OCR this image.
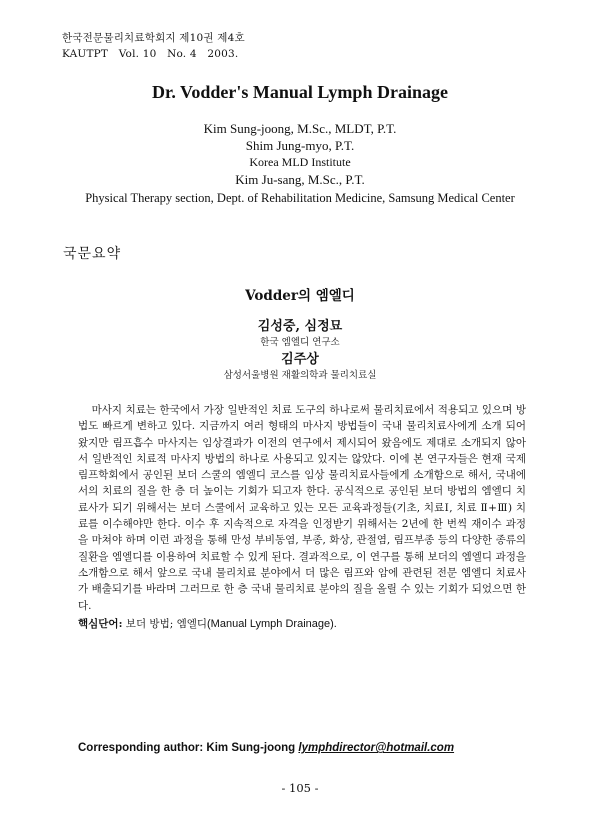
한국전문물리치료학회지 제10권 제4호
KAUTPT   Vol. 10   No. 4   2003.
Dr. Vodder's Manual Lymph Drainage
Kim Sung-joong, M.Sc., MLDT, P.T.
Shim Jung-myo, P.T.
Korea MLD Institute
Kim Ju-sang, M.Sc., P.T.
Physical Therapy section, Dept. of Rehabilitation Medicine, Samsung Medical Center
국문요약
Vodder의 엠엘디
김성중, 심정묘
한국 엠엘디 연구소
김주상
삼성서울병원 재활의학과 물리치료실

마사지 치료는 한국에서 가장 일반적인 치료 도구의 하나로써 물리치료에서 적용되고 있으며 방법도 빠르게 변하고 있다. 지금까지 여러 형태의 마사지 방법들이 국내 물리치료사에게 소개 되어왔지만 림프흡수 마사지는 임상결과가 이전의 연구에서 제시되어 왔음에도 제대로 소개되지 않아서 일반적인 치료적 마사지 방법의 하나로 사용되고 있지는 않았다. 이에 본 연구자들은 현재 국제 림프학회에서 공인된 보더 스쿨의 엠엘디 코스를 임상 물리치료사들에게 소개함으로 해서, 국내에서의 치료의 질을 한 층 더 높이는 기회가 되고자 한다. 공식적으로 공인된 보더 방법의 엠엘디 치료사가 되기 위해서는 보더 스쿨에서 교육하고 있는 모든 교육과정들(기초, 치료Ⅰ, 치료 Ⅱ+Ⅲ) 치료를 이수해야만 한다. 이수 후 지속적으로 자격을 인정받기 위해서는 2년에 한 번씩 재이수 과정을 마쳐야 하며 이런 과정을 통해 만성 부비동염, 부종, 화상, 관절염, 림프부종 등의 다양한 종류의 질환을 엠엘디를 이용하여 치료할 수 있게 된다. 결과적으로, 이 연구를 통해 보더의 엠엘디 과정을 소개함으로 해서 앞으로 국내 물리치료 분야에서 더 많은 림프와 암에 관련된 전문 엠엘디 치료사가 배출되기를 바라며 그러므로 한 층 국내 물리치료 분야의 질을 올릴 수 있는 기회가 되었으면 한다.

핵심단어: 보더 방법; 엠엘디(Manual Lymph Drainage).
Corresponding author: Kim Sung-joong lymphdirector@hotmail.com
- 105 -
